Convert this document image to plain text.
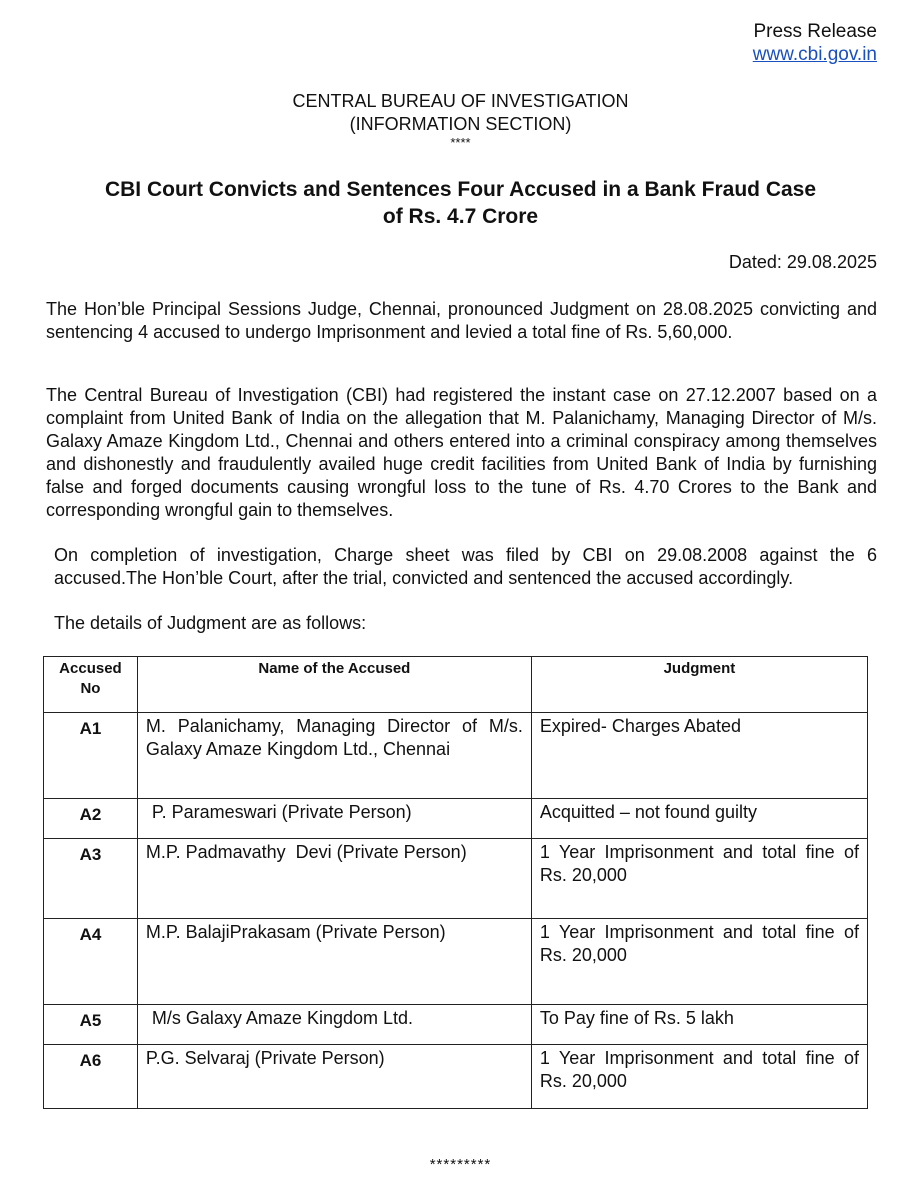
Press Release
www.cbi.gov.in
CENTRAL BUREAU OF INVESTIGATION
(INFORMATION SECTION)
****
CBI Court Convicts and Sentences Four Accused in a Bank Fraud Case
of Rs. 4.7 Crore
Dated: 29.08.2025

The Hon’ble Principal Sessions Judge, Chennai, pronounced Judgment on 28.08.2025 convicting and sentencing 4 accused to undergo Imprisonment and levied a total fine of Rs. 5,60,000.

The Central Bureau of Investigation (CBI) had registered the instant case on 27.12.2007 based on a complaint from United Bank of India on the allegation that M. Palanichamy, Managing Director of M/s. Galaxy Amaze Kingdom Ltd., Chennai and others entered into a criminal conspiracy among themselves and dishonestly and fraudulently availed huge credit facilities from United Bank of India by furnishing false and forged documents causing wrongful loss to the tune of Rs. 4.70 Crores to the Bank and corresponding wrongful gain to themselves.

On completion of investigation, Charge sheet was filed by CBI on 29.08.2008 against the 6 accused.The Hon’ble Court, after the trial, convicted and sentenced the accused accordingly.

The details of Judgment are as follows:

Accused No	Name of the Accused	Judgment

A1	M. Palanichamy, Managing Director of M/s. Galaxy Amaze Kingdom Ltd., Chennai	Expired- Charges Abated

A2	P. Parameswari (Private Person)	Acquitted – not found guilty

A3	M.P. Padmavathy  Devi (Private Person)	1 Year Imprisonment and total fine of Rs. 20,000

A4	M.P. BalajiPrakasam (Private Person)	1 Year Imprisonment and total fine of Rs. 20,000

A5	M/s Galaxy Amaze Kingdom Ltd.	To Pay fine of Rs. 5 lakh

A6	P.G. Selvaraj (Private Person)	1 Year Imprisonment and total fine of Rs. 20,000
*********
